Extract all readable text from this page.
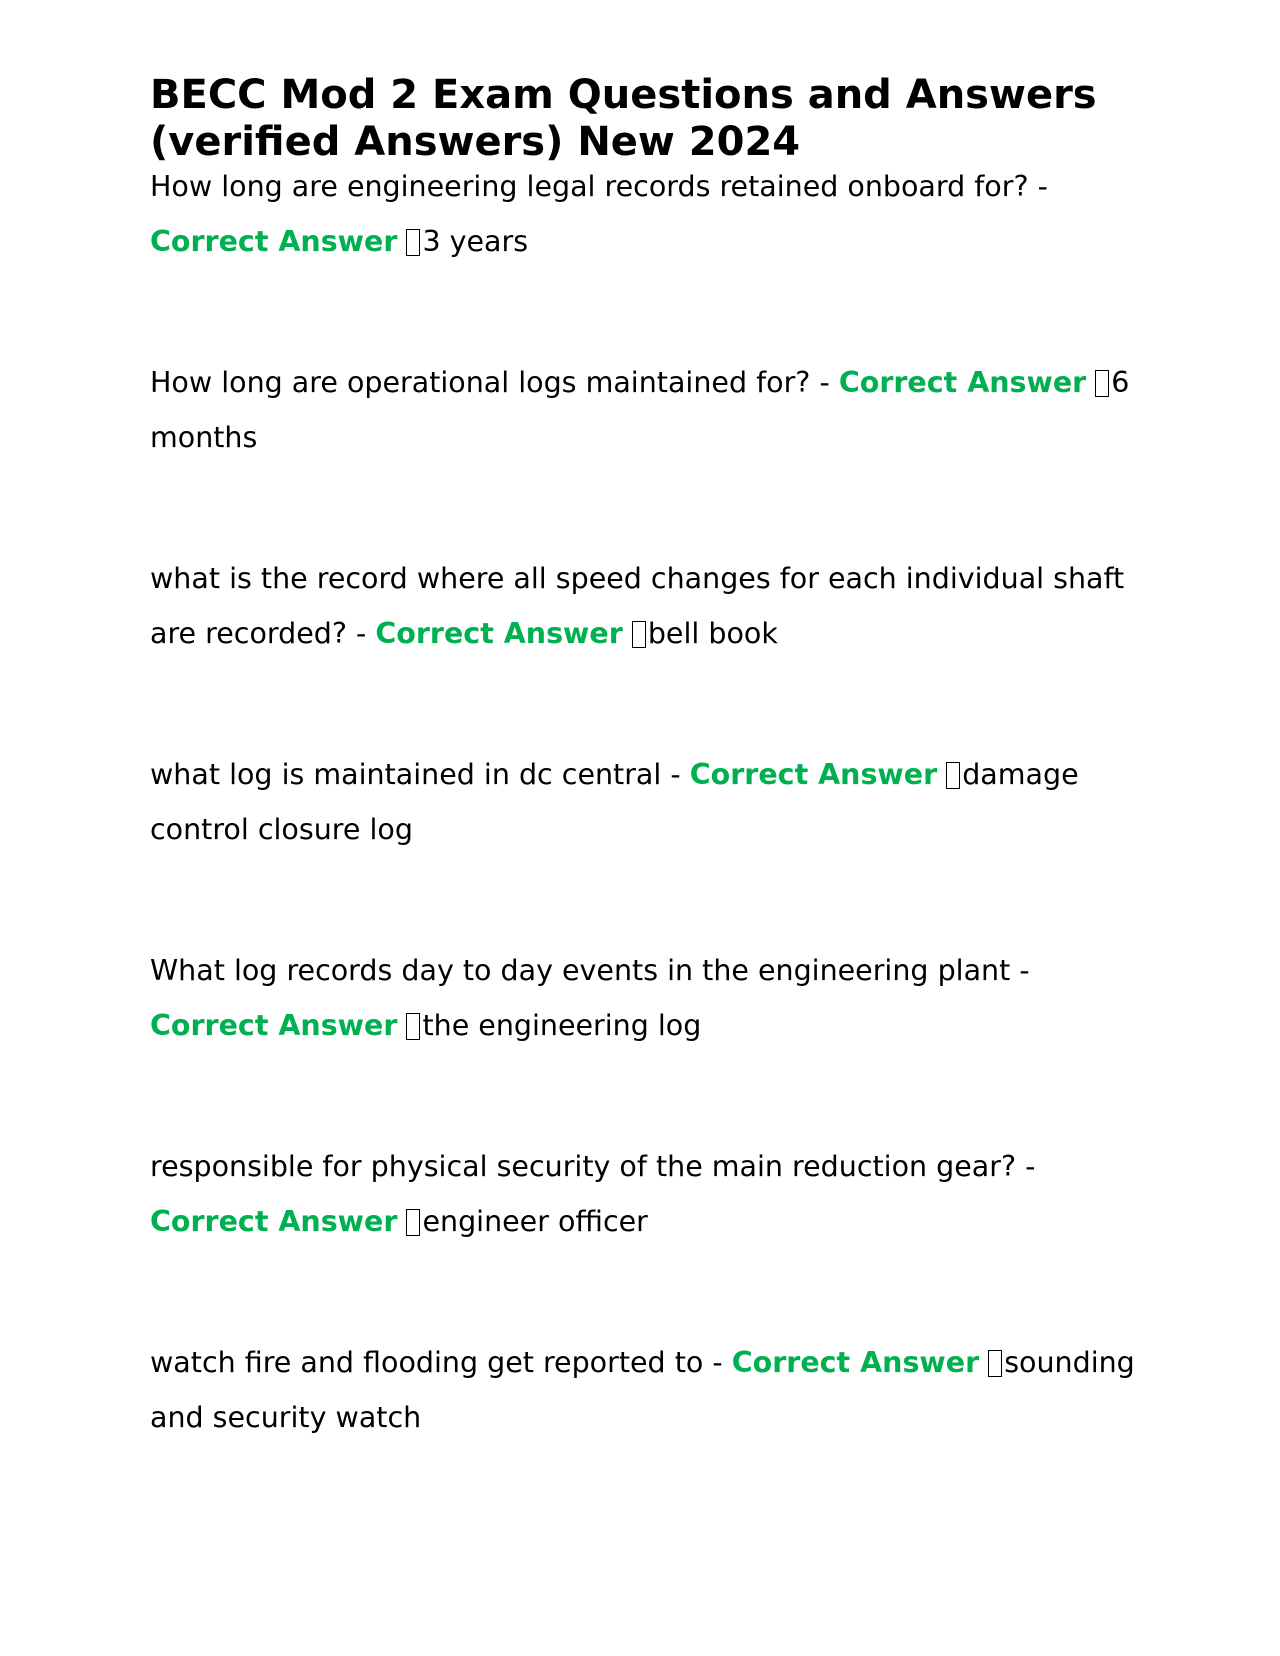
BECC Mod 2 Exam Questions and Answers (verified Answers) New 2024

How long are engineering legal records retained onboard for? - Correct Answer 3 years

How long are operational logs maintained for? - Correct Answer 6 months

what is the record where all speed changes for each individual shaft are recorded? - Correct Answer bell book

what log is maintained in dc central - Correct Answer damage control closure log

What log records day to day events in the engineering plant - Correct Answer the engineering log

responsible for physical security of the main reduction gear? - Correct Answer engineer officer

watch fire and flooding get reported to - Correct Answer sounding and security watch
